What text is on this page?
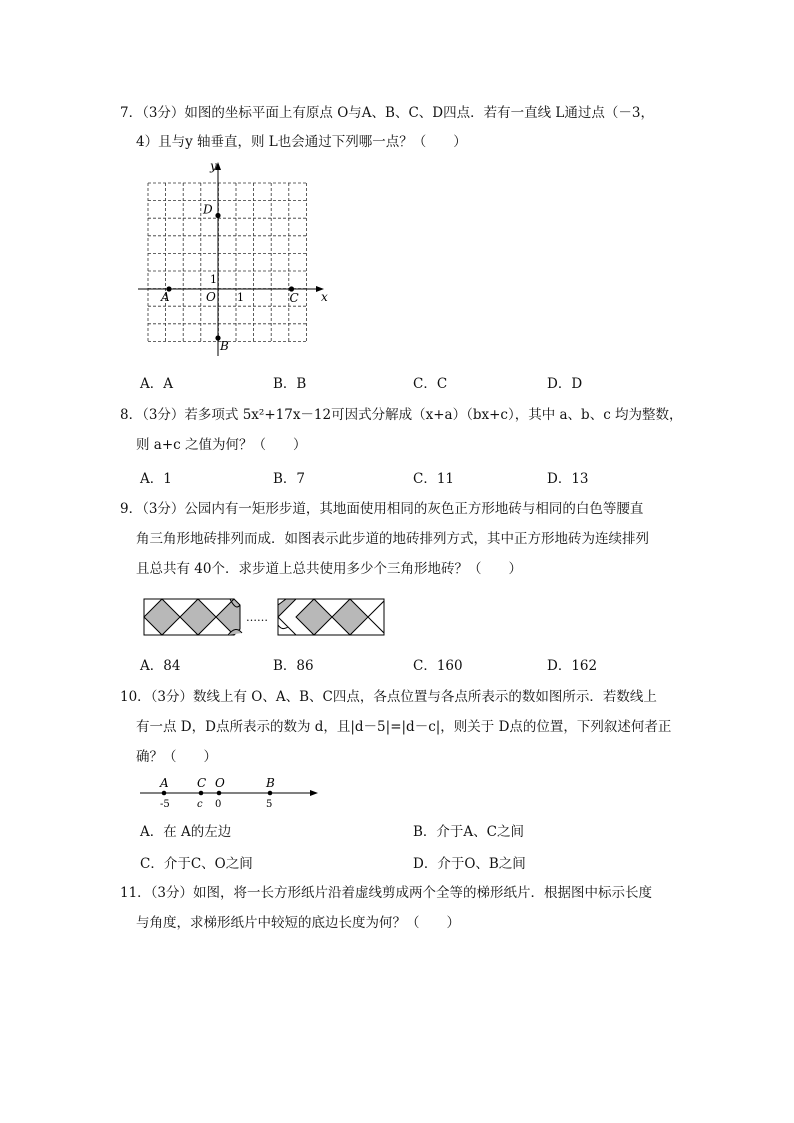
7．（3分）如图的坐标平面上有原点 O与A、B、C、D四点．若有一直线 L通过点（－3，
4）且与y 轴垂直，则 L也会通过下列哪一点？（　　）
x
y
O 1
1
A
B
C
D
A．A	B．B	C．C	D．D
8．（3分）若多项式 5x²+17x－12可因式分解成（x+a）（bx+c），其中 a、b、c 均为整数，
则 a+c 之值为何？（　　）
A．1	B．7	C．11	D．13
9．（3分）公园内有一矩形步道，其地面使用相同的灰色正方形地砖与相同的白色等腰直
角三角形地砖排列而成．如图表示此步道的地砖排列方式，其中正方形地砖为连续排列
且总共有 40个．求步道上总共使用多少个三角形地砖？（　　）
……
A．84	B．86	C．160	D．162
10．（3分）数线上有 O、A、B、C四点，各点位置与各点所表示的数如图所示．若数线上
有一点 D，D点所表示的数为 d，且|d－5|=|d－c|，则关于 D点的位置，下列叙述何者正
确？（　　）
A
-5
C
c
O
0
B
5
A．在 A的左边	B．介于A、C之间
C．介于C、O之间	D．介于O、B之间
11．（3分）如图，将一长方形纸片沿着虚线剪成两个全等的梯形纸片．根据图中标示长度
与角度，求梯形纸片中较短的底边长度为何？（　　）
